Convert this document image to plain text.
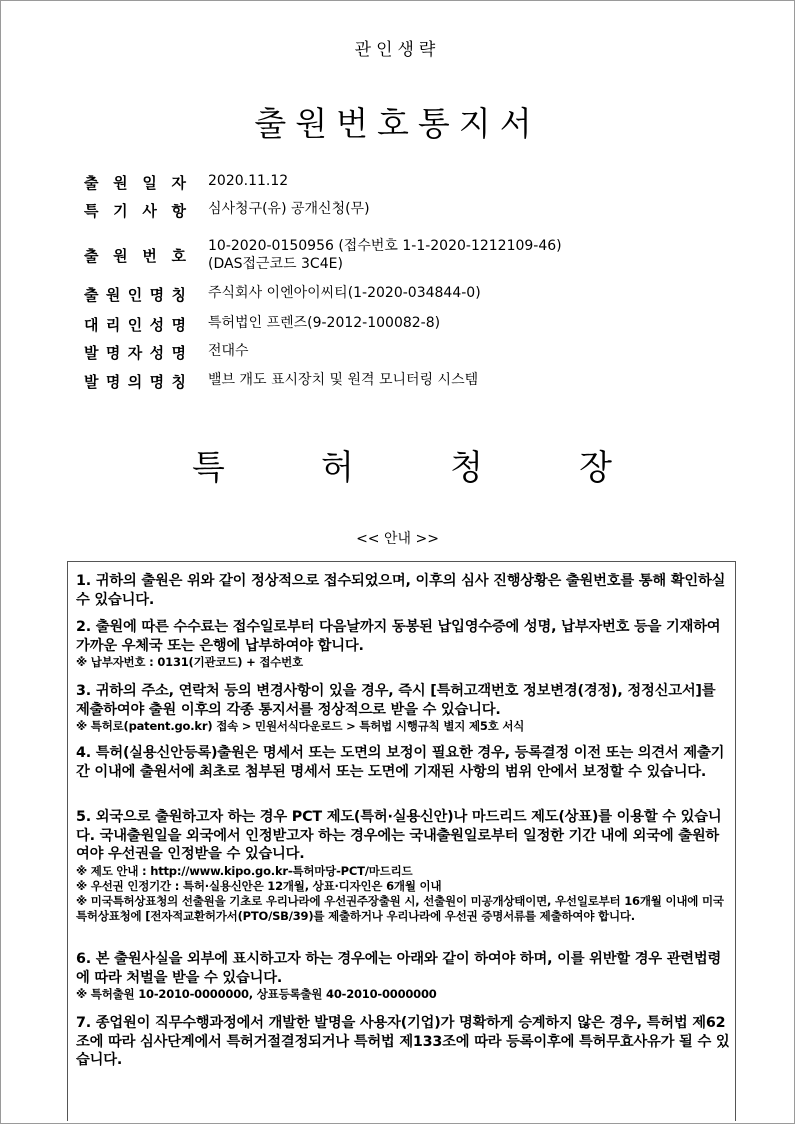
관인생략
출원번호통지서
출 원 일 자 2020.11.12
특 기 사 항 심사청구(유) 공개신청(무)
출 원 번 호
10-2020-0150956 (접수번호 1-1-2020-1212109-46)
(DAS접근코드 3C4E)
출 원 인 명 칭 주식회사 이엔아이씨티(1-2020-034844-0)
대 리 인 성 명 특허법인 프렌즈(9-2012-100082-8)
발 명 자 성 명 전대수
발 명 의 명 칭 밸브 개도 표시장치 및 원격 모니터링 시스템
특	허	청	장
<< 안내 >>
1. 귀하의 출원은 위와 같이 정상적으로 접수되었으며, 이후의 심사 진행상황은 출원번호를 통해 확인하실 수 있습니다.
2. 출원에 따른 수수료는 접수일로부터 다음날까지 동봉된 납입영수증에 성명, 납부자번호 등을 기재하여 가까운 우체국 또는 은행에 납부하여야 합니다.
※ 납부자번호 : 0131(기관코드) + 접수번호
3. 귀하의 주소, 연락처 등의 변경사항이 있을 경우, 즉시 [특허고객번호 정보변경(경정), 정정신고서]를 제출하여야 출원 이후의 각종 통지서를 정상적으로 받을 수 있습니다.
※ 특허로(patent.go.kr) 접속 > 민원서식다운로드 > 특허법 시행규칙 별지 제5호 서식
4. 특허(실용신안등록)출원은 명세서 또는 도면의 보정이 필요한 경우, 등록결정 이전 또는 의견서 제출기간 이내에 출원서에 최초로 첨부된 명세서 또는 도면에 기재된 사항의 범위 안에서 보정할 수 있습니다.
5. 외국으로 출원하고자 하는 경우 PCT 제도(특허·실용신안)나 마드리드 제도(상표)를 이용할 수 있습니다. 국내출원일을 외국에서 인정받고자 하는 경우에는 국내출원일로부터 일정한 기간 내에 외국에 출원하여야 우선권을 인정받을 수 있습니다.
※ 제도 안내 : http://www.kipo.go.kr-특허마당-PCT/마드리드
※ 우선권 인정기간 : 특허·실용신안은 12개월, 상표·디자인은 6개월 이내
※ 미국특허상표청의 선출원을 기초로 우리나라에 우선권주장출원 시, 선출원이 미공개상태이면, 우선일로부터 16개월 이내에 미국특허상표청에 [전자적교환허가서(PTO/SB/39)를 제출하거나 우리나라에 우선권 증명서류를 제출하여야 합니다.
6. 본 출원사실을 외부에 표시하고자 하는 경우에는 아래와 같이 하여야 하며, 이를 위반할 경우 관련법령에 따라 처벌을 받을 수 있습니다.
※ 특허출원 10-2010-0000000, 상표등록출원 40-2010-0000000
7. 종업원이 직무수행과정에서 개발한 발명을 사용자(기업)가 명확하게 승계하지 않은 경우, 특허법 제62조에 따라 심사단계에서 특허거절결정되거나 특허법 제133조에 따라 등록이후에 특허무효사유가 될 수 있습니다.
